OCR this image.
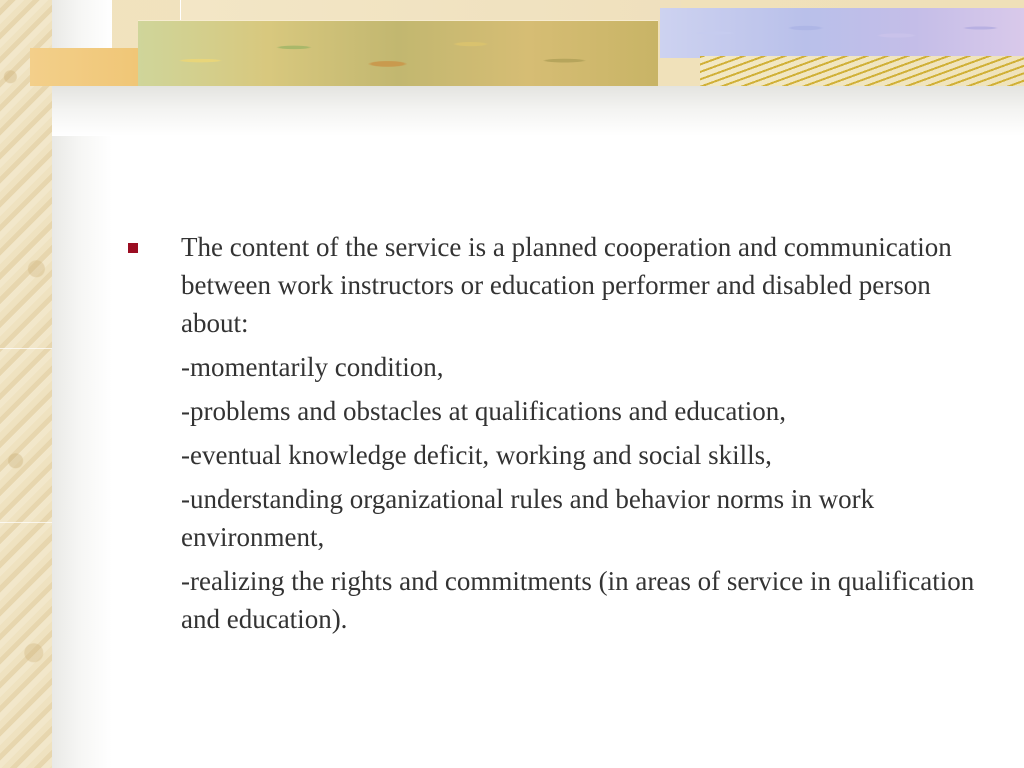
The content of the service is a planned cooperation and communication between work instructors or education performer and disabled person about:
-momentarily condition,
-problems and obstacles at qualifications and education,
-eventual knowledge deficit, working and social skills,
-understanding organizational rules and behavior norms in work environment,
-realizing the rights and commitments (in areas of service in qualification and education).
